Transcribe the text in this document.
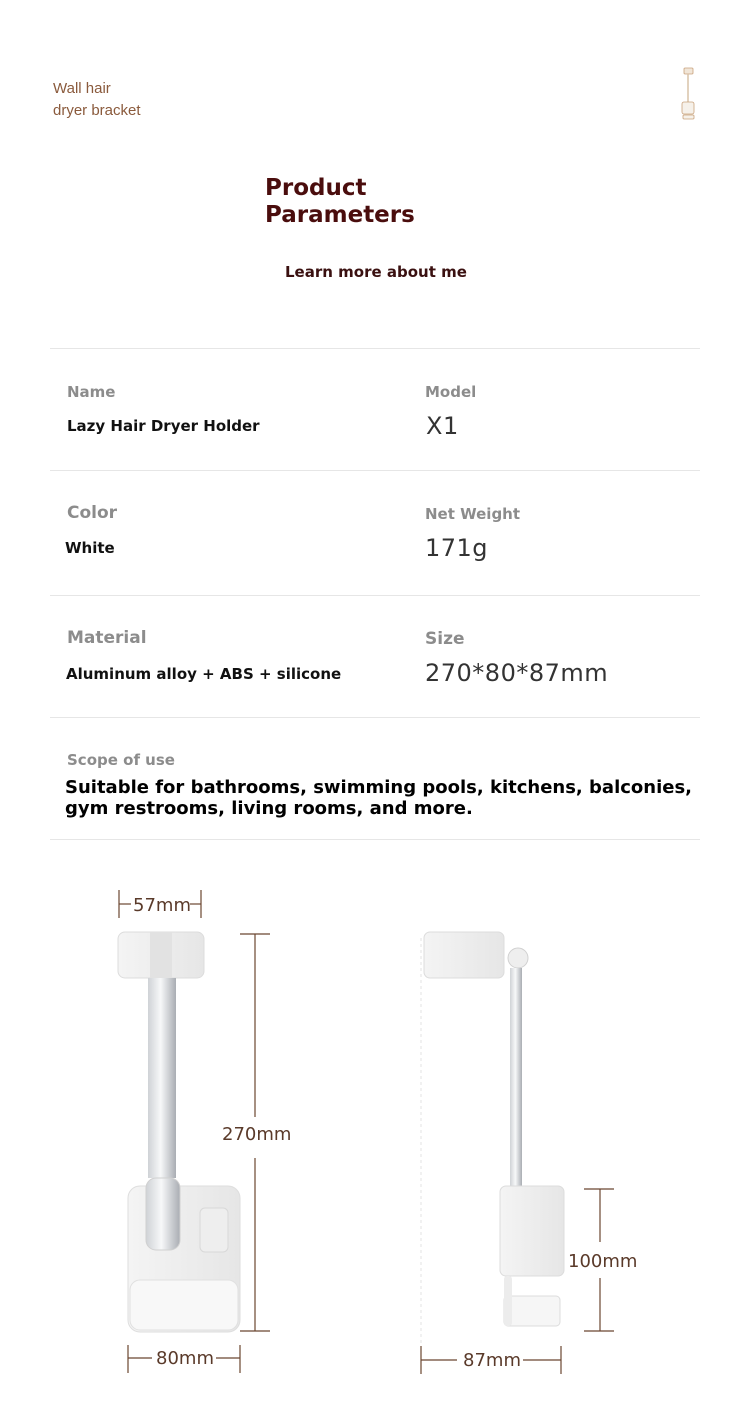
Wall hair
dryer bracket
Product
Parameters
Learn more about me
Name
Lazy Hair Dryer Holder
Model
X1
Color
White
Net Weight
171g
Material
Aluminum alloy + ABS + silicone
Size
270*80*87mm
Scope of use
Suitable for bathrooms, swimming pools, kitchens, balconies, gym restrooms, living rooms, and more.
57mm
270mm
80mm
100mm
87mm
